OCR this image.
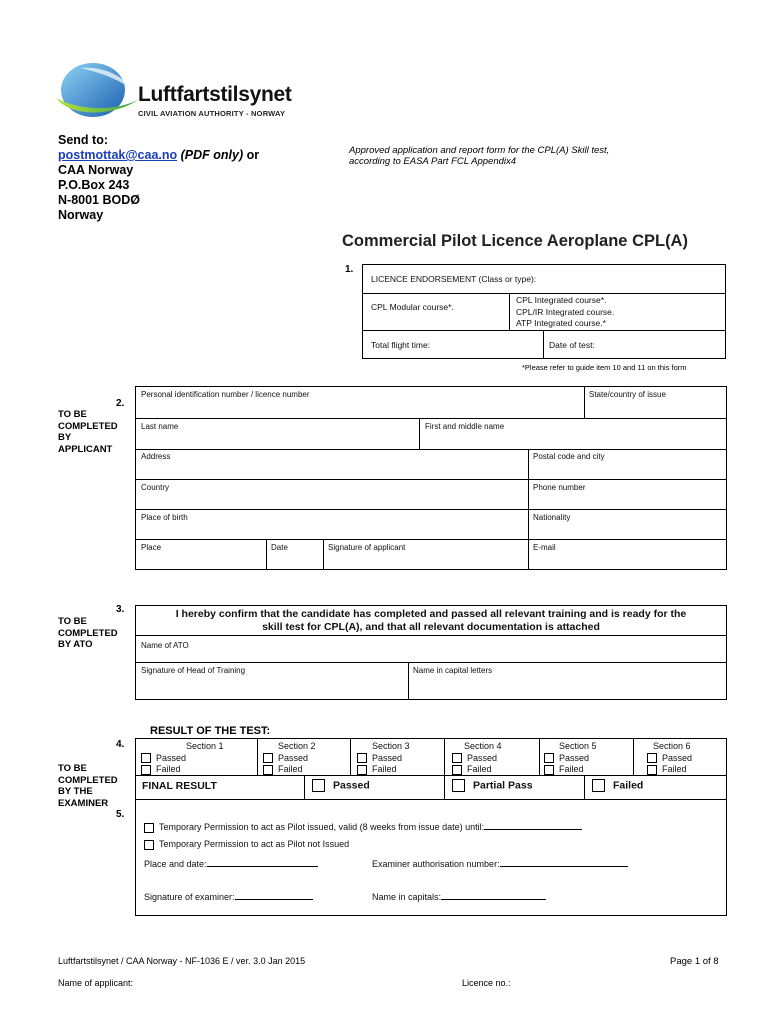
Luftfartstilsynet
CIVIL AVIATION AUTHORITY - NORWAY
Send to:
postmottak@caa.no (PDF only) or
CAA Norway
P.O.Box 243
N-8001 BODØ
Norway
Approved application and report form for the CPL(A) Skill test,
according to EASA Part FCL Appendix4
Commercial Pilot Licence Aeroplane CPL(A)
1.
LICENCE ENDORSEMENT (Class or type):
CPL Modular course*.
CPL Integrated course*.
CPL/IR Integrated course.
ATP Integrated course.*
Total flight time:	Date of test:
*Please refer to guide item 10 and 11 on this form
2.
TO BE
COMPLETED
BY
APPLICANT
Personal identification number / licence number	State/country of issue
Last name	First and middle name
Address	Postal code and city
Country	Phone number
Place of birth	Nationality
Place	Date	Signature of applicant	E-mail
3.
TO BE
COMPLETED
BY ATO
I hereby confirm that the candidate has completed and passed all relevant training and is ready for the
skill test for CPL(A), and that all relevant documentation is attached
Name of ATO
Signature of Head of Training	Name in capital letters
RESULT OF THE TEST:
4.
TO BE
COMPLETED
BY THE
EXAMINER
5.
Section 1
Passed
Failed
Section 2
Passed
Failed
Section 3
Passed
Failed
Section 4
Passed
Failed
Section 5
Passed
Failed
Section 6
Passed
Failed
FINAL RESULT	Passed	Partial Pass	Failed
Temporary Permission to act as Pilot issued, valid (8 weeks from issue date) until:
Temporary Permission to act as Pilot not Issued
Place and date:	Examiner authorisation number:
Signature of examiner:	Name in capitals:
Luftfartstilsynet / CAA Norway - NF-1036 E / ver. 3.0 Jan 2015	Page 1 of 8
Name of applicant:	Licence no.:
